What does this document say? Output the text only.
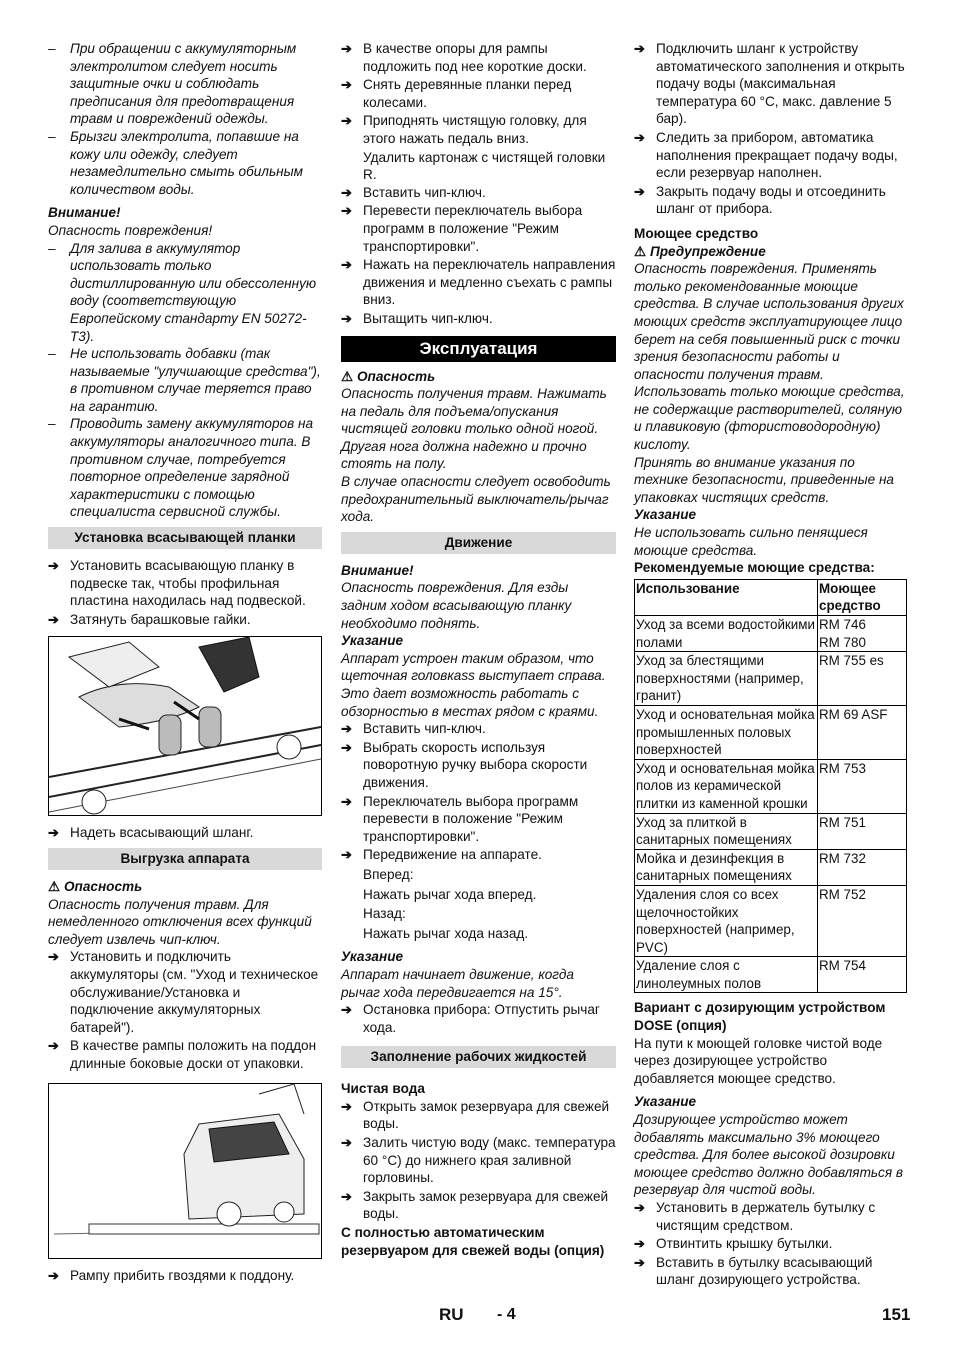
– При обращении с аккумуляторным электролитом следует носить защитные очки и соблюдать предписания для предотвращения травм и повреждений одежды.

– Брызги электролита, попавшие на кожу или одежду, следует незамедлительно смыть обильным количеством воды.

Внимание!

Опасность повреждения!

– Для залива в аккумулятор использовать только дистиллированную или обессоленную воду (соответствующую Европейскому стандарту EN 50272-T3).

– Не использовать добавки (так называемые "улучшающие средства"), в противном случае теряется право на гарантию.

– Проводить замену аккумуляторов на аккумуляторы аналогичного типа. В противном случае, потребуется повторное определение зарядной характеристики с помощью специалиста сервисной службы.

Установка всасывающей планки

➔ Установить всасывающую планку в подвеске так, чтобы профильная пластина находилась над подвеской.

➔ Затянуть барашковые гайки.

➔ Надеть всасывающий шланг.

Выгрузка аппарата

⚠ Опасность

Опасность получения травм. Для немедленного отключения всех функций следует извлечь чип-ключ.

➔ Установить и подключить аккумуляторы (см. "Уход и техническое обслуживание/Установка и подключение аккумуляторных батарей").

➔ В качестве рампы положить на поддон длинные боковые доски от упаковки.

➔ Рампу прибить гвоздями к поддону.

➔ В качестве опоры для рампы подложить под нее короткие доски.

➔ Снять деревянные планки перед колесами.

➔ Приподнять чистящую головку, для этого нажать педаль вниз.

Удалить картонаж с чистящей головки R.

➔ Вставить чип-ключ.

➔ Перевести переключатель выбора программ в положение "Режим транспортировки".

➔ Нажать на переключатель направления движения и медленно съехать с рампы вниз.

➔ Вытащить чип-ключ.

Эксплуатация

⚠ Опасность

Опасность получения травм. Нажимать на педаль для подъема/опускания чистящей головки только одной ногой. Другая нога должна надежно и прочно стоять на полу.

В случае опасности следует освободить предохранительный выключатель/рычаг хода.

Движение

Внимание!

Опасность повреждения. Для езды задним ходом всасывающую планку необходимо поднять.

Указание

Аппарат устроен таким образом, что щеточная головкаss выступает справа. Это дает возможность работать с обзорностью в местах рядом с краями.

➔ Вставить чип-ключ.

➔ Выбрать скорость используя поворотную ручку выбора скорости движения.

➔ Переключатель выбора программ перевести в положение "Режим транспортировки".

➔ Передвижение на аппарате.

Вперед:

Нажать рычаг хода вперед.

Назад:

Нажать рычаг хода назад.

Указание

Аппарат начинает движение, когда рычаг хода передвигается на 15°.

➔ Остановка прибора: Отпустить рычаг хода.

Заполнение рабочих жидкостей

Чистая вода

➔ Открыть замок резервуара для свежей воды.

➔ Залить чистую воду (макс. температура 60 °C) до нижнего края заливной горловины.

➔ Закрыть замок резервуара для свежей воды.

С полностью автоматическим резервуаром для свежей воды (опция)

➔ Подключить шланг к устройству автоматического заполнения и открыть подачу воды (максимальная температура 60 °C, макс. давление 5 бар).

➔ Следить за прибором, автоматика наполнения прекращает подачу воды, если резервуар наполнен.

➔ Закрыть подачу воды и отсоединить шланг от прибора.

Моющее средство

⚠ Предупреждение

Опасность повреждения. Применять только рекомендованные моющие средства. В случае использования других моющих средств эксплуатирующее лицо берет на себя повышенный риск с точки зрения безопасности работы и опасности получения травм.

Использовать только моющие средства, не содержащие растворителей, соляную и плавиковую (фтористоводородную) кислоту.

Принять во внимание указания по технике безопасности, приведенные на упаковках чистящих средств.

Указание

Не использовать сильно пенящиеся моющие средства.

Рекомендуемые моющие средства:

Использование	Моющее средство
Уход за всеми водостойкими полами	RM 746
RM 780
Уход за блестящими поверхностями (например, гранит)	RM 755 es
Уход и основательная мойка промышленных половых поверхностей	RM 69 ASF
Уход и основательная мойка полов из керамической плитки из каменной крошки	RM 753
Уход за плиткой в санитарных помещениях	RM 751
Мойка и дезинфекция в санитарных помещениях	RM 732
Удаления слоя со всех щелочностойких поверхностей (например, PVC)	RM 752
Удаление слоя с линолеумных полов	RM 754

Вариант с дозирующим устройством DOSE (опция)

На пути к моющей головке чистой воде через дозирующее устройство добавляется моющее средство.

Указание

Дозирующее устройство может добавлять максимально 3% моющего средства. Для более высокой дозировки моющее средство должно добавляться в резервуар для чистой воды.

➔ Установить в держатель бутылку с чистящим средством.

➔ Отвинтить крышку бутылки.

➔ Вставить в бутылку всасывающий шланг дозирующего устройства.

RU - 4	151
